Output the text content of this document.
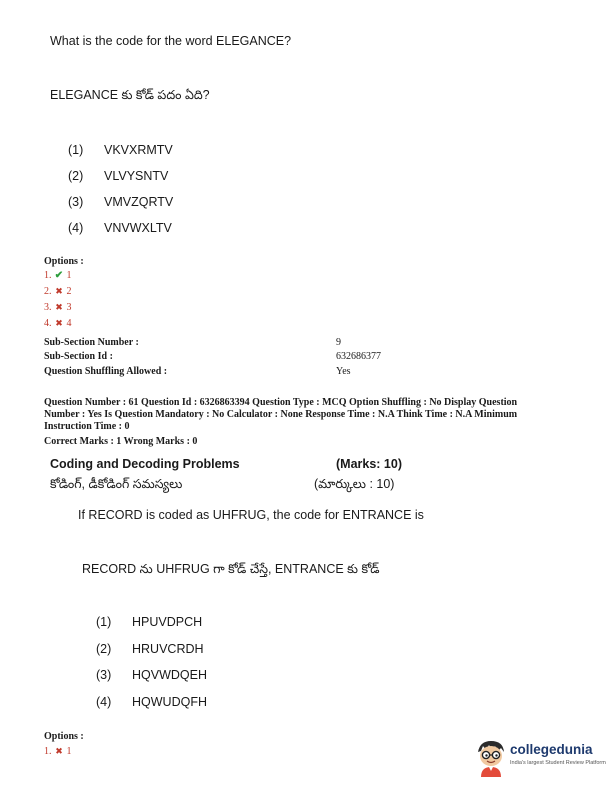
What is the code for the word ELEGANCE?
ELEGANCE కు కోడ్ పదం ఏది?
(1) VKVXRMTV
(2) VLVYSNTV
(3) VMVZQRTV
(4) VNVWXLTV
Options :
1. ✔ 1
2. ✖ 2
3. ✖ 3
4. ✖ 4
Sub-Section Number :	9
Sub-Section Id :	632686377
Question Shuffling Allowed :	Yes
Question Number : 61 Question Id : 6326863394 Question Type : MCQ Option Shuffling : No Display Question
Number : Yes Is Question Mandatory : No Calculator : None Response Time : N.A Think Time : N.A Minimum
Instruction Time : 0
Correct Marks : 1 Wrong Marks : 0
Coding and Decoding Problems	(Marks: 10)
కోడింగ్, డీకోడింగ్ సమస్యలు	(మార్కులు : 10)
If RECORD is coded as UHFRUG, the code for ENTRANCE is
RECORD ను UHFRUG గా కోడ్ చేస్తే, ENTRANCE కు కోడ్
(1) HPUVDPCH
(2) HRUVCRDH
(3) HQVWDQEH
(4) HQWUDQFH
Options :
1. ✖ 1	collegedunia
India's largest Student Review Platform
